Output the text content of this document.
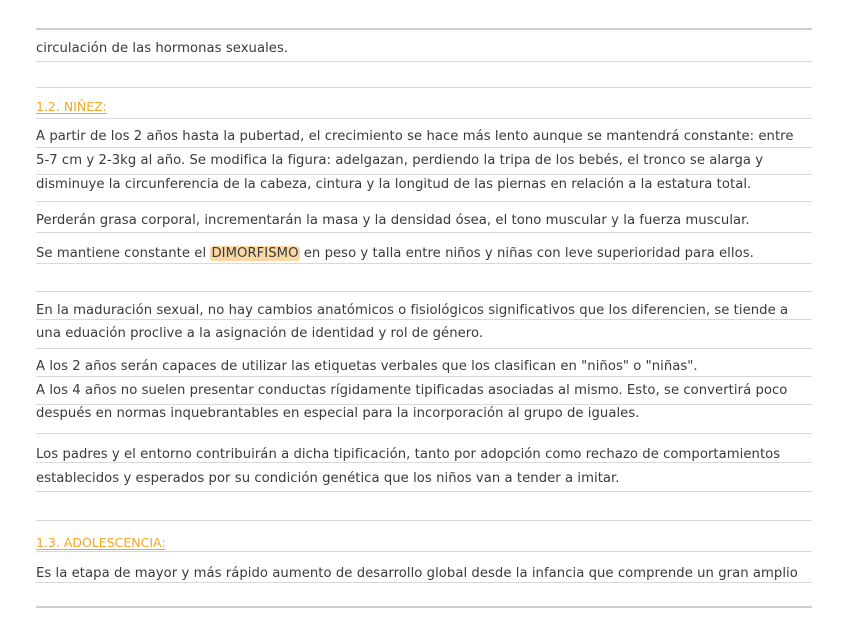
circulación de las hormonas sexuales.
1.2. NIÑEZ:
A partir de los 2 años hasta la pubertad, el crecimiento se hace más lento aunque se mantendrá constante: entre
5-7 cm y 2-3kg al año. Se modifica la figura: adelgazan, perdiendo la tripa de los bebés, el tronco se alarga y
disminuye la circunferencia de la cabeza, cintura y la longitud de las piernas en relación a la estatura total.
Perderán grasa corporal, incrementarán la masa y la densidad ósea, el tono muscular y la fuerza muscular.
Se mantiene constante el DIMORFISMO en peso y talla entre niños y niñas con leve superioridad para ellos.
En la maduración sexual, no hay cambios anatómicos o fisiológicos significativos que los diferencien, se tiende a
una eduación proclive a la asignación de identidad y rol de género.
A los 2 años serán capaces de utilizar las etiquetas verbales que los clasifican en "niños" o "niñas".
A los 4 años no suelen presentar conductas rígidamente tipificadas asociadas al mismo. Esto, se convertirá poco
después en normas inquebrantables en especial para la incorporación al grupo de iguales.
Los padres y el entorno contribuirán a dicha tipificación, tanto por adopción como rechazo de comportamientos
establecidos y esperados por su condición genética que los niños van a tender a imitar.
1.3. ADOLESCENCIA:
Es la etapa de mayor y más rápido aumento de desarrollo global desde la infancia que comprende un gran amplio
